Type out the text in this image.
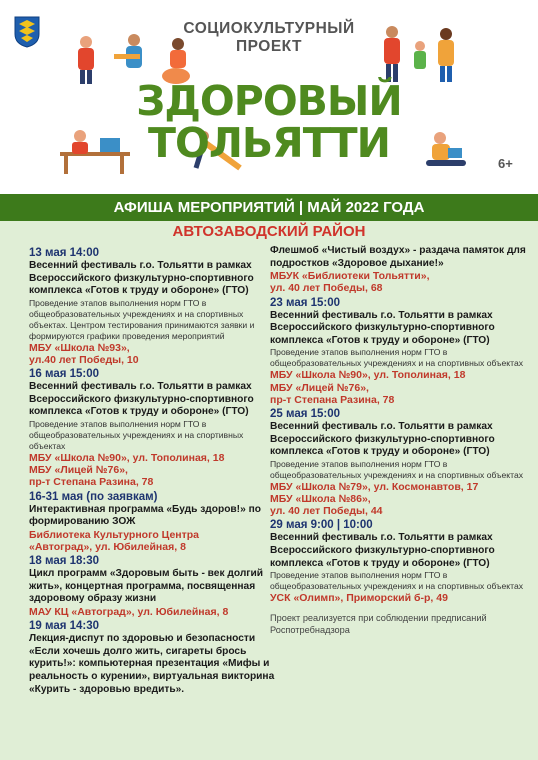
СОЦИОКУЛЬТУРНЫЙ
ПРОЕКТ
ЗДОРОВЫЙ
ТОЛЬЯТТИ	6+
АФИША МЕРОПРИЯТИЙ | МАЙ 2022 ГОДА
АВТОЗАВОДСКИЙ РАЙОН
13 мая 14:00
Весенний фестиваль г.о. Тольятти в рамках Всероссийского физкультурно-спортивного комплекса «Готов к труду и обороне» (ГТО)
Проведение этапов выполнения норм ГТО в общеобразовательных учреждениях и на спортивных объектах. Центром тестирования принимаются заявки и формируются графики проведения мероприятий
МБУ «Школа №93»,
ул.40 лет Победы, 10
16 мая 15:00
Весенний фестиваль г.о. Тольятти в рамках Всероссийского физкультурно-спортивного комплекса «Готов к труду и обороне» (ГТО)
Проведение этапов выполнения норм ГТО в общеобразовательных учреждениях и на спортивных объектах
МБУ «Школа №90», ул. Тополиная, 18
МБУ «Лицей №76»,
пр-т Степана Разина, 78
16-31 мая (по заявкам)
Интерактивная программа «Будь здоров!» по формированию ЗОЖ
Библиотека Культурного Центра
«Автоград», ул. Юбилейная, 8
18 мая 18:30
Цикл программ «Здоровым быть - век долгий жить», концертная программа, посвященная здоровому образу жизни
МАУ КЦ «Автоград», ул. Юбилейная, 8
19 мая 14:30
Лекция-диспут по здоровью и безопасности «Если хочешь долго жить, сигареты брось курить!»: компьютерная презентация «Мифы и реальность о курении», виртуальная викторина «Курить - здоровью вредить».
Флешмоб «Чистый воздух» - раздача памяток для подростков «Здоровое дыхание!»
МБУК «Библиотеки Тольятти»,
ул. 40 лет Победы, 68
23 мая 15:00
Весенний фестиваль г.о. Тольятти в рамках Всероссийского физкультурно-спортивного комплекса «Готов к труду и обороне» (ГТО)
Проведение этапов выполнения норм ГТО в общеобразовательных учреждениях и на спортивных объектах
МБУ «Школа №90», ул. Тополиная, 18
МБУ «Лицей №76»,
пр-т Степана Разина, 78
25 мая 15:00
Весенний фестиваль г.о. Тольятти в рамках Всероссийского физкультурно-спортивного комплекса «Готов к труду и обороне» (ГТО)
Проведение этапов выполнения норм ГТО в общеобразовательных учреждениях и на спортивных объектах
МБУ «Школа №79», ул. Космонавтов, 17
МБУ «Школа №86»,
ул. 40 лет Победы, 44
29 мая 9:00 | 10:00
Весенний фестиваль г.о. Тольятти в рамках Всероссийского физкультурно-спортивного комплекса «Готов к труду и обороне» (ГТО)
Проведение этапов выполнения норм ГТО в общеобразовательных учреждениях и на спортивных объектах
УСК «Олимп», Приморский б-р, 49
Проект реализуется при соблюдении предписаний Роспотребнадзора
